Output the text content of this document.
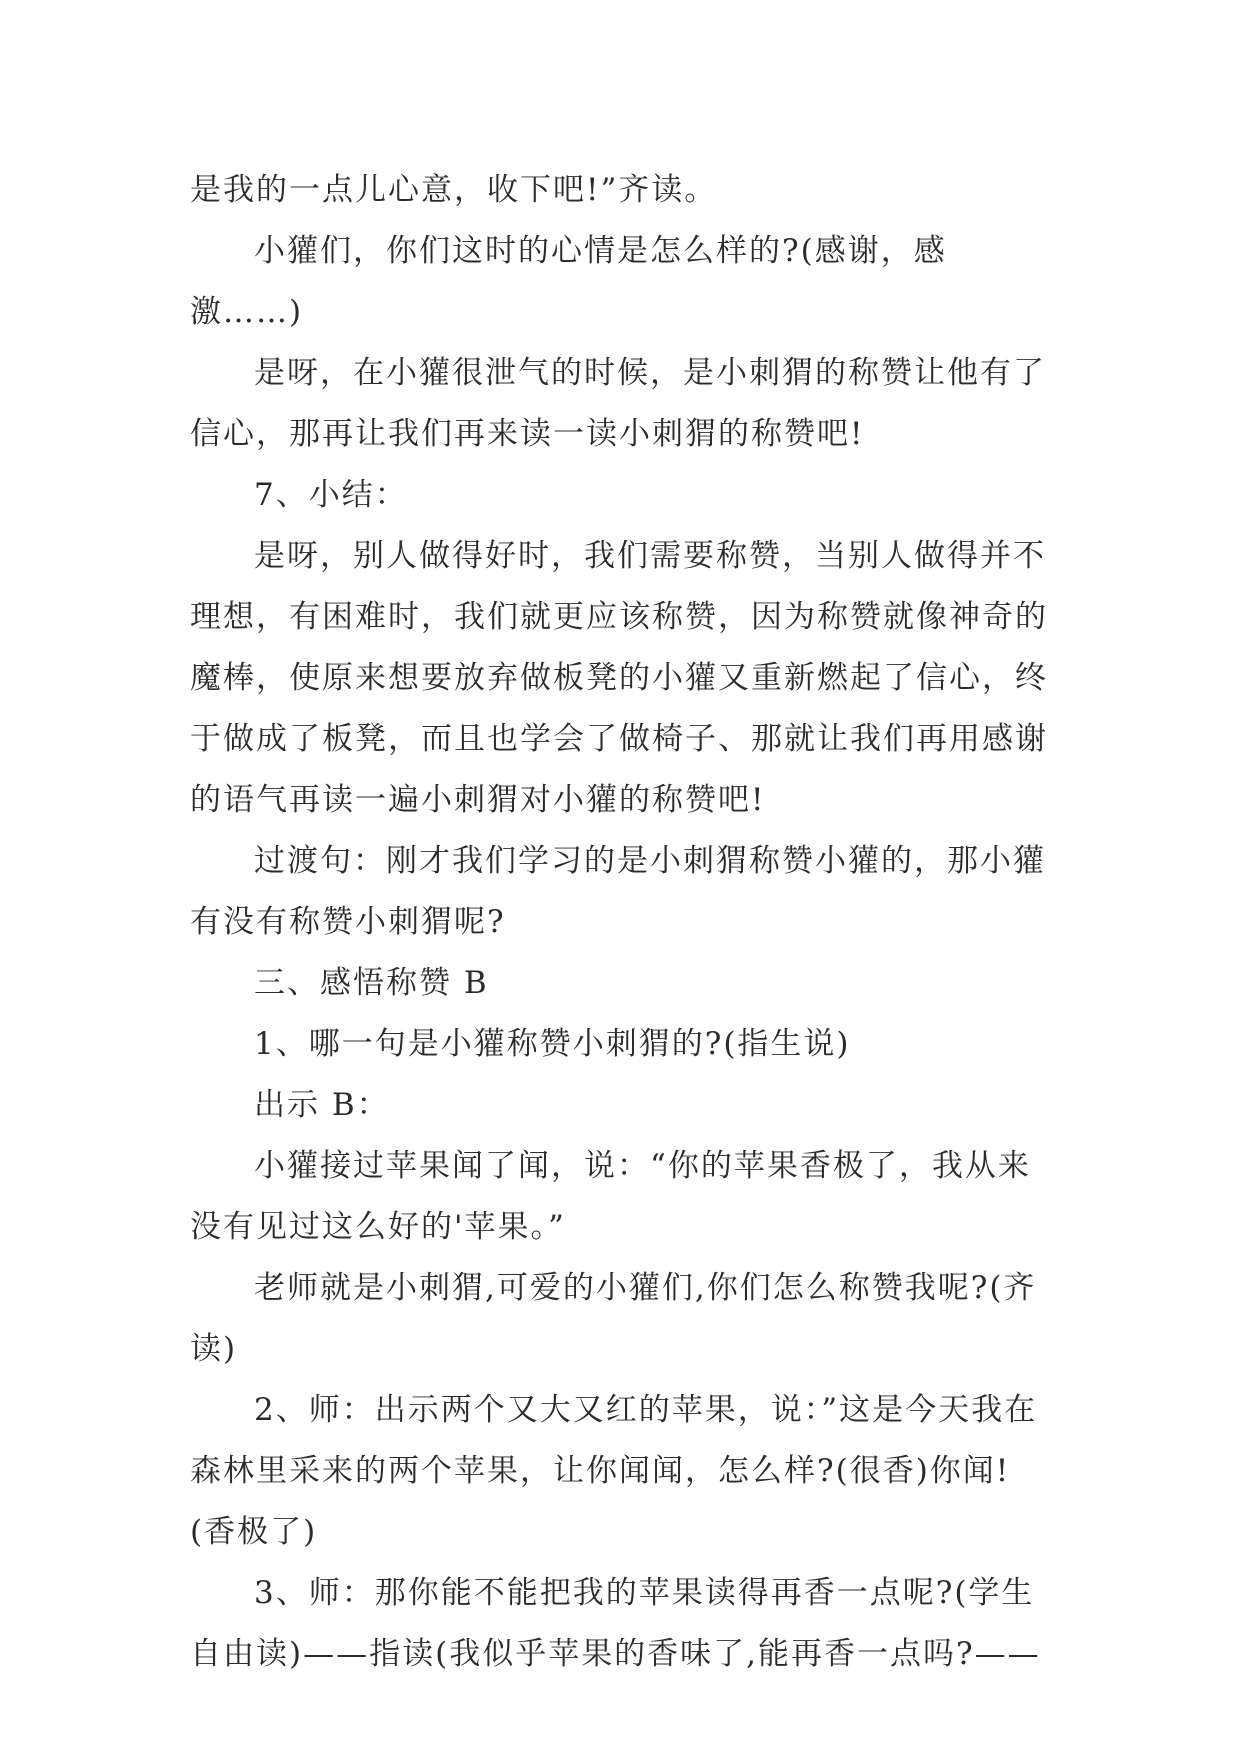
是我的一点儿心意，收下吧!”齐读。

小獾们，你们这时的心情是怎么样的?(感谢，感激……)

是呀，在小獾很泄气的时候，是小刺猬的称赞让他有了信心，那再让我们再来读一读小刺猬的称赞吧!

7、小结：

是呀，别人做得好时，我们需要称赞，当别人做得并不理想，有困难时，我们就更应该称赞，因为称赞就像神奇的魔棒，使原来想要放弃做板凳的小獾又重新燃起了信心，终于做成了板凳，而且也学会了做椅子、那就让我们再用感谢的语气再读一遍小刺猬对小獾的称赞吧!

过渡句：刚才我们学习的是小刺猬称赞小獾的，那小獾有没有称赞小刺猬呢?

三、感悟称赞 B

1、哪一句是小獾称赞小刺猬的?(指生说)

出示 B：

小獾接过苹果闻了闻，说：“你的苹果香极了，我从来没有见过这么好的'苹果。”

老师就是小刺猬,可爱的小獾们,你们怎么称赞我呢?(齐读)

2、师：出示两个又大又红的苹果，说：”这是今天我在森林里采来的两个苹果，让你闻闻，怎么样?(很香)你闻!(香极了)

3、师：那你能不能把我的苹果读得再香一点呢?(学生自由读)——指读(我似乎苹果的香味了,能再香一点吗?——
